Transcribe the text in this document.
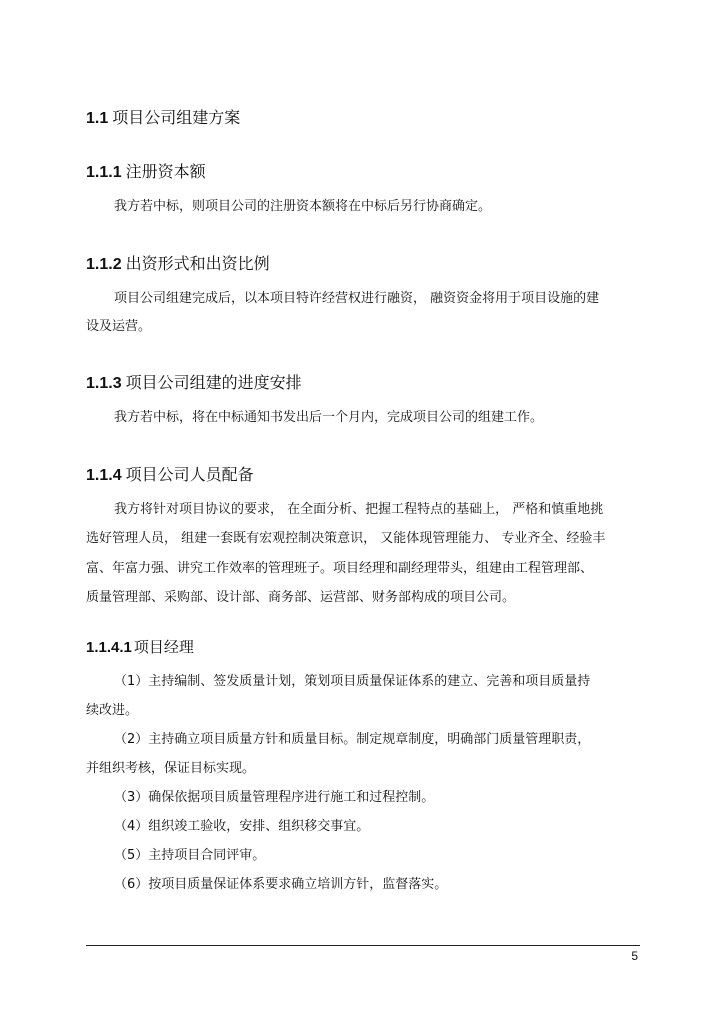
1.1 项目公司组建方案
1.1.1 注册资本额
我方若中标，则项目公司的注册资本额将在中标后另行协商确定。
1.1.2 出资形式和出资比例
项目公司组建完成后，以本项目特许经营权进行融资， 融资资金将用于项目设施的建
设及运营。
1.1.3 项目公司组建的进度安排
我方若中标，将在中标通知书发出后一个月内，完成项目公司的组建工作。
1.1.4 项目公司人员配备
我方将针对项目协议的要求， 在全面分析、把握工程特点的基础上， 严格和慎重地挑
选好管理人员， 组建一套既有宏观控制决策意识， 又能体现管理能力、 专业齐全、经验丰
富、年富力强、讲究工作效率的管理班子。项目经理和副经理带头，组建由工程管理部、
质量管理部、采购部、设计部、商务部、运营部、财务部构成的项目公司。
1.1.4.1 项目经理
（1）主持编制、签发质量计划，策划项目质量保证体系的建立、完善和项目质量持
续改进。
（2）主持确立项目质量方针和质量目标。制定规章制度，明确部门质量管理职责，
并组织考核，保证目标实现。
（3）确保依据项目质量管理程序进行施工和过程控制。
（4）组织竣工验收，安排、组织移交事宜。
（5）主持项目合同评审。
（6）按项目质量保证体系要求确立培训方针，监督落实。
5
